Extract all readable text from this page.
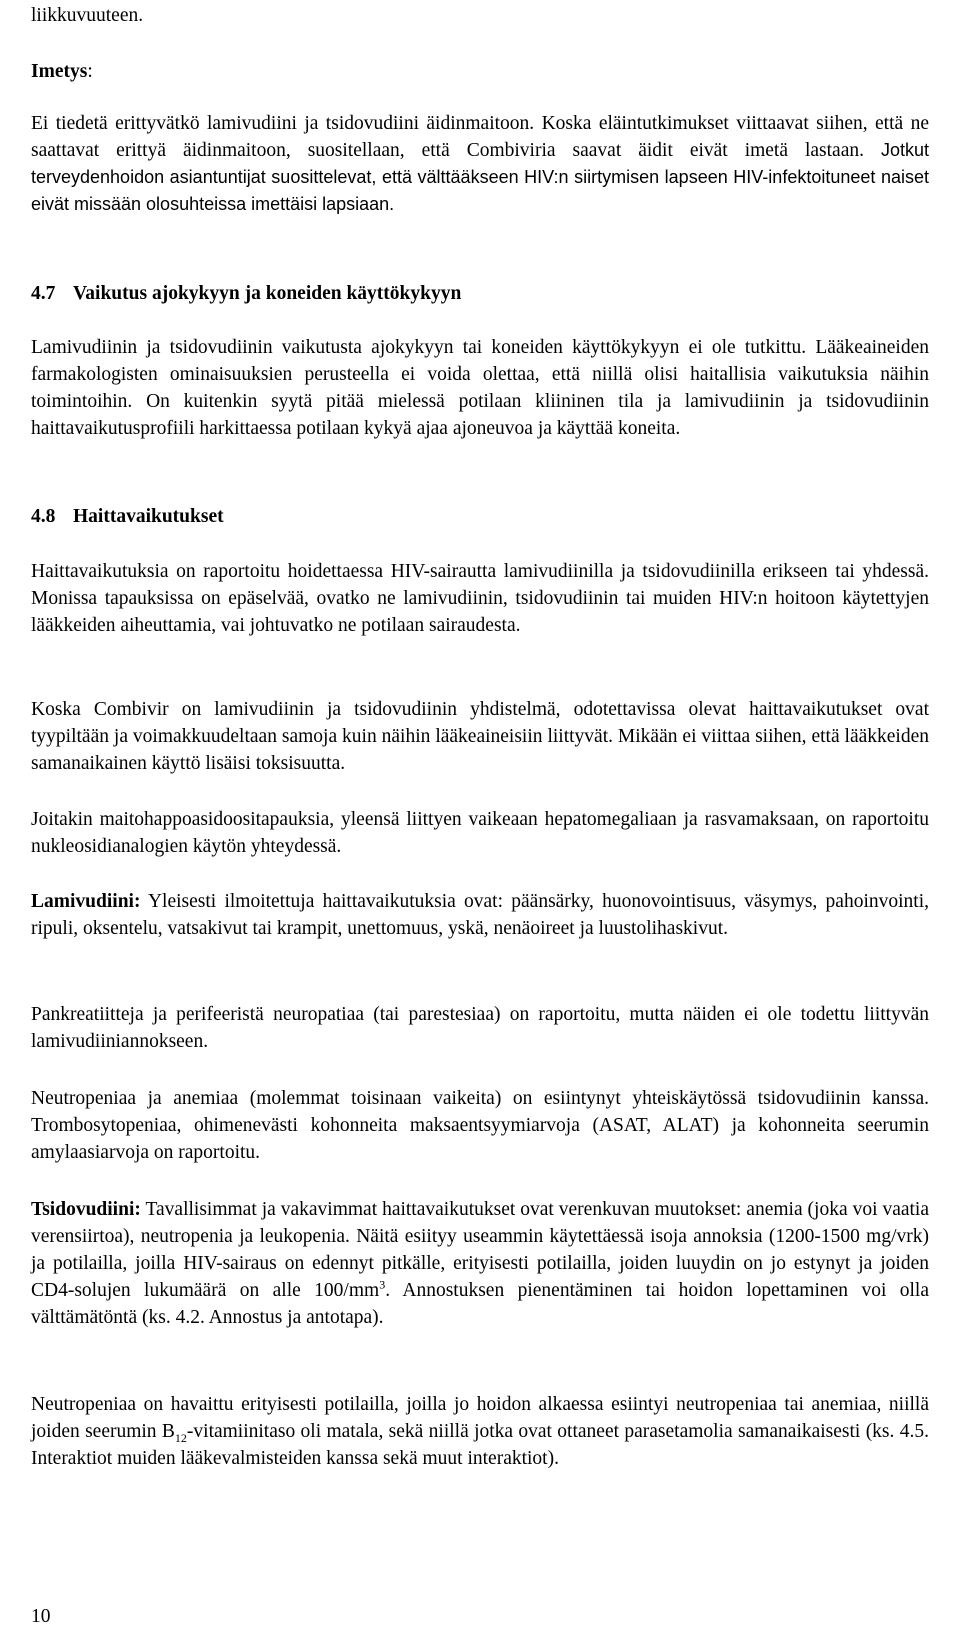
liikkuvuuteen.

Imetys:

Ei tiedetä erittyvätkö lamivudiini ja tsidovudiini äidinmaitoon. Koska eläintutkimukset viittaavat siihen, että ne saattavat erittyä äidinmaitoon, suositellaan, että Combiviria saavat äidit eivät imetä lastaan. Jotkut terveydenhoidon asiantuntijat suosittelevat, että välttääkseen HIV:n siirtymisen lapseen HIV-infektoituneet naiset eivät missään olosuhteissa imettäisi lapsiaan.

4.7 Vaikutus ajokykyyn ja koneiden käyttökykyyn

Lamivudiinin ja tsidovudiinin vaikutusta ajokykyyn tai koneiden käyttökykyyn ei ole tutkittu. Lääkeaineiden farmakologisten ominaisuuksien perusteella ei voida olettaa, että niillä olisi haitallisia vaikutuksia näihin toimintoihin. On kuitenkin syytä pitää mielessä potilaan kliininen tila ja lamivudiinin ja tsidovudiinin haittavaikutusprofiili harkittaessa potilaan kykyä ajaa ajoneuvoa ja käyttää koneita.

4.8 Haittavaikutukset

Haittavaikutuksia on raportoitu hoidettaessa HIV-sairautta lamivudiinilla ja tsidovudiinilla erikseen tai yhdessä. Monissa tapauksissa on epäselvää, ovatko ne lamivudiinin, tsidovudiinin tai muiden HIV:n hoitoon käytettyjen lääkkeiden aiheuttamia, vai johtuvatko ne potilaan sairaudesta.

Koska Combivir on lamivudiinin ja tsidovudiinin yhdistelmä, odotettavissa olevat haittavaikutukset ovat tyypiltään ja voimakkuudeltaan samoja kuin näihin lääkeaineisiin liittyvät. Mikään ei viittaa siihen, että lääkkeiden samanaikainen käyttö lisäisi toksisuutta.

Joitakin maitohappoasidoositapauksia, yleensä liittyen vaikeaan hepatomegaliaan ja rasvamaksaan, on raportoitu nukleosidianalogien käytön yhteydessä.

Lamivudiini: Yleisesti ilmoitettuja haittavaikutuksia ovat: päänsärky, huonovointisuus, väsymys, pahoinvointi, ripuli, oksentelu, vatsakivut tai krampit, unettomuus, yskä, nenäoireet ja luustolihaskivut.

Pankreatiitteja ja perifeeristä neuropatiaa (tai parestesiaa) on raportoitu, mutta näiden ei ole todettu liittyvän lamivudiiniannokseen.

Neutropeniaa ja anemiaa (molemmat toisinaan vaikeita) on esiintynyt yhteiskäytössä tsidovudiinin kanssa. Trombosytopeniaa, ohimenevästi kohonneita maksaentsyymiarvoja (ASAT, ALAT) ja kohonneita seerumin amylaasiarvoja on raportoitu.

Tsidovudiini: Tavallisimmat ja vakavimmat haittavaikutukset ovat verenkuvan muutokset: anemia (joka voi vaatia verensiirtoa), neutropenia ja leukopenia. Näitä esiityy useammin käytettäessä isoja annoksia (1200-1500 mg/vrk) ja potilailla, joilla HIV-sairaus on edennyt pitkälle, erityisesti potilailla, joiden luuydin on jo estynyt ja joiden CD4-solujen lukumäärä on alle $100/mm^3$. Annostuksen pienentäminen tai hoidon lopettaminen voi olla välttämätöntä (ks. 4.2. Annostus ja antotapa).

Neutropeniaa on havaittu erityisesti potilailla, joilla jo hoidon alkaessa esiintyi neutropeniaa tai anemiaa, niillä joiden seerumin $B_{12}$-vitamiinitaso oli matala, sekä niillä jotka ovat ottaneet parasetamolia samanaikaisesti (ks. 4.5. Interaktiot muiden lääkevalmisteiden kanssa sekä muut interaktiot).

10
